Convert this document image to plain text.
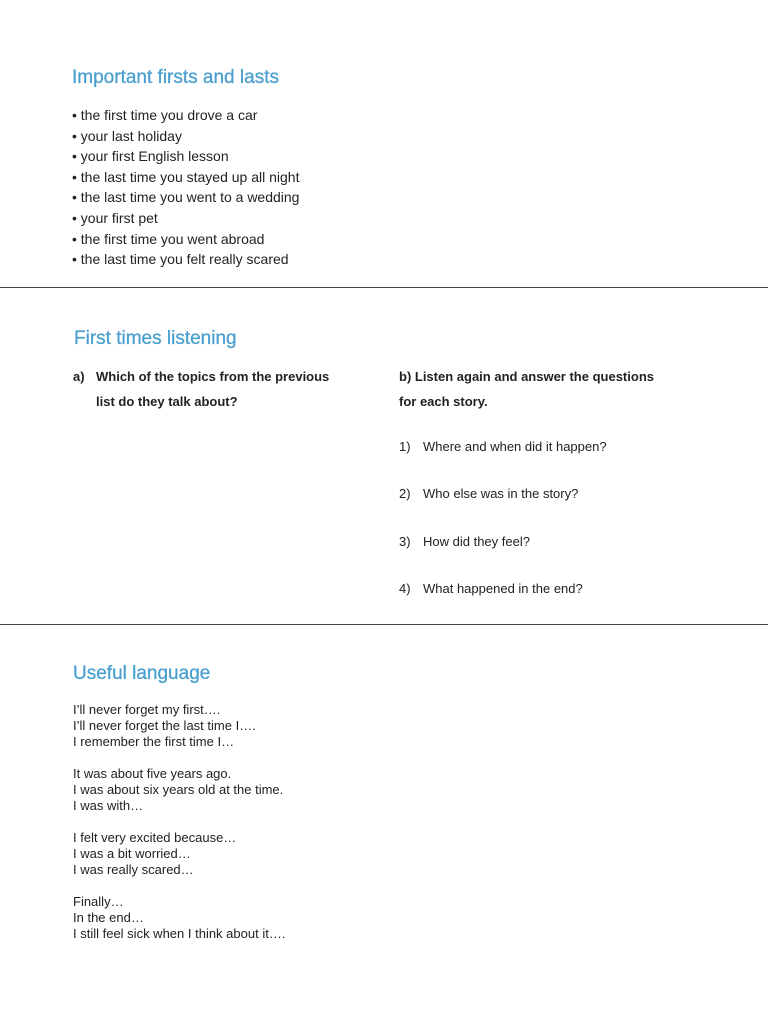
Important firsts and lasts
• the first time you drove a car
• your last holiday
• your first English lesson
• the last time you stayed up all night
• the last time you went to a wedding
• your first pet
• the first time you went abroad
• the last time you felt really scared
First times listening
a) Which of the topics from the previous
list do they talk about?
b) Listen again and answer the questions
for each story.
1) Where and when did it happen?
2) Who else was in the story?
3) How did they feel?
4) What happened in the end?
Useful language
I’ll never forget my first….
I’ll never forget the last time I….
I remember the first time I…
It was about five years ago.
I was about six years old at the time.
I was with…
I felt very excited because…
I was a bit worried…
I was really scared…
Finally…
In the end…
I still feel sick when I think about it….
